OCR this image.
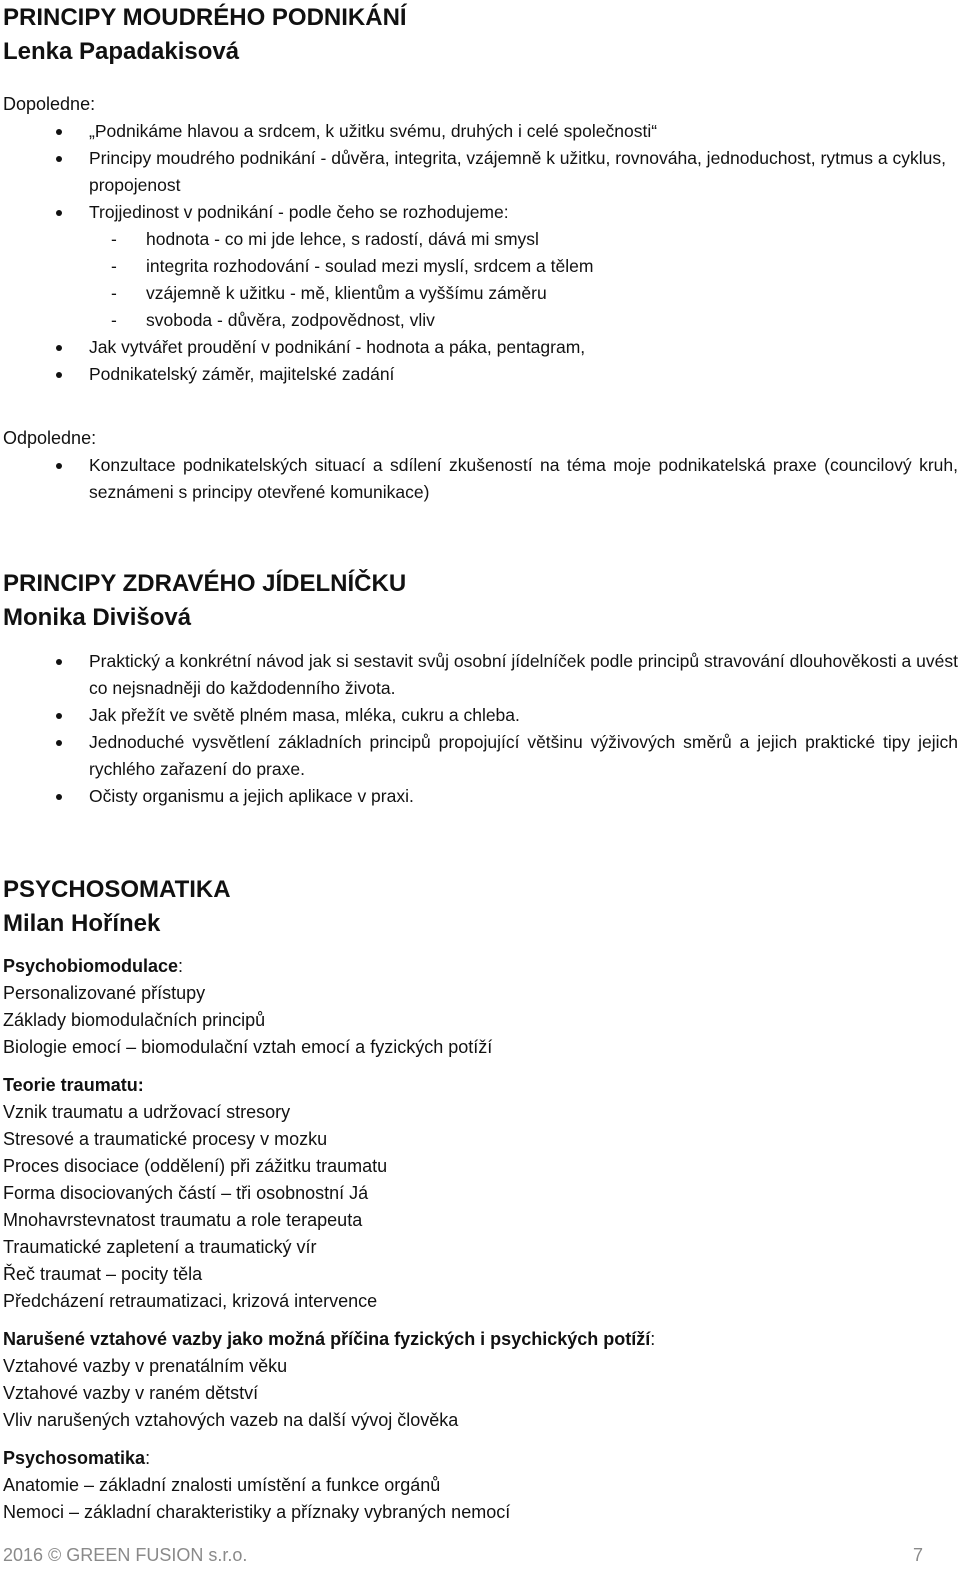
PRINCIPY MOUDRÉHO PODNIKÁNÍ
Lenka Papadakisová
Dopoledne:
„Podnikáme hlavou a srdcem, k užitku svému, druhých i celé společnosti“
Principy moudrého podnikání - důvěra, integrita, vzájemně k užitku, rovnováha, jednoduchost, rytmus a cyklus, propojenost
Trojjedinost v podnikání - podle čeho se rozhodujeme:
- hodnota - co mi jde lehce, s radostí, dává mi smysl
- integrita rozhodování - soulad mezi myslí, srdcem a tělem
- vzájemně k užitku - mě, klientům a vyššímu záměru
- svoboda - důvěra, zodpovědnost, vliv
Jak vytvářet proudění v podnikání - hodnota a páka, pentagram,
Podnikatelský záměr, majitelské zadání
Odpoledne:
Konzultace podnikatelských situací a sdílení zkušeností na téma moje podnikatelská praxe (councilový kruh, seznámeni s principy otevřené komunikace)
PRINCIPY ZDRAVÉHO JÍDELNÍČKU
Monika Divišová
Praktický a konkrétní návod jak si sestavit svůj osobní jídelníček podle principů stravování dlouhověkosti a uvést co nejsnadněji do každodenního života.
Jak přežít ve světě plném masa, mléka, cukru a chleba.
Jednoduché vysvětlení základních principů propojující většinu výživových směrů a jejich praktické tipy jejich rychlého zařazení do praxe.
Očisty organismu a jejich aplikace v praxi.
PSYCHOSOMATIKA
Milan Hořínek
Psychobiomodulace:
Personalizované přístupy
Základy biomodulačních principů
Biologie emocí – biomodulační vztah emocí a fyzických potíží
Teorie traumatu:
Vznik traumatu a udržovací stresory
Stresové a traumatické procesy v mozku
Proces disociace (oddělení) při zážitku traumatu
Forma disociovaných částí – tři osobnostní Já
Mnohavrstevnatost traumatu a role terapeuta
Traumatické zapletení a traumatický vír
Řeč traumat – pocity těla
Předcházení retraumatizaci, krizová intervence
Narušené vztahové vazby jako možná příčina fyzických i psychických potíží:
Vztahové vazby v prenatálním věku
Vztahové vazby v raném dětství
Vliv narušených vztahových vazeb na další vývoj člověka
Psychosomatika:
Anatomie – základní znalosti umístění a funkce orgánů
Nemoci – základní charakteristiky a příznaky vybraných nemocí
2016 © GREEN FUSION s.r.o.	7
